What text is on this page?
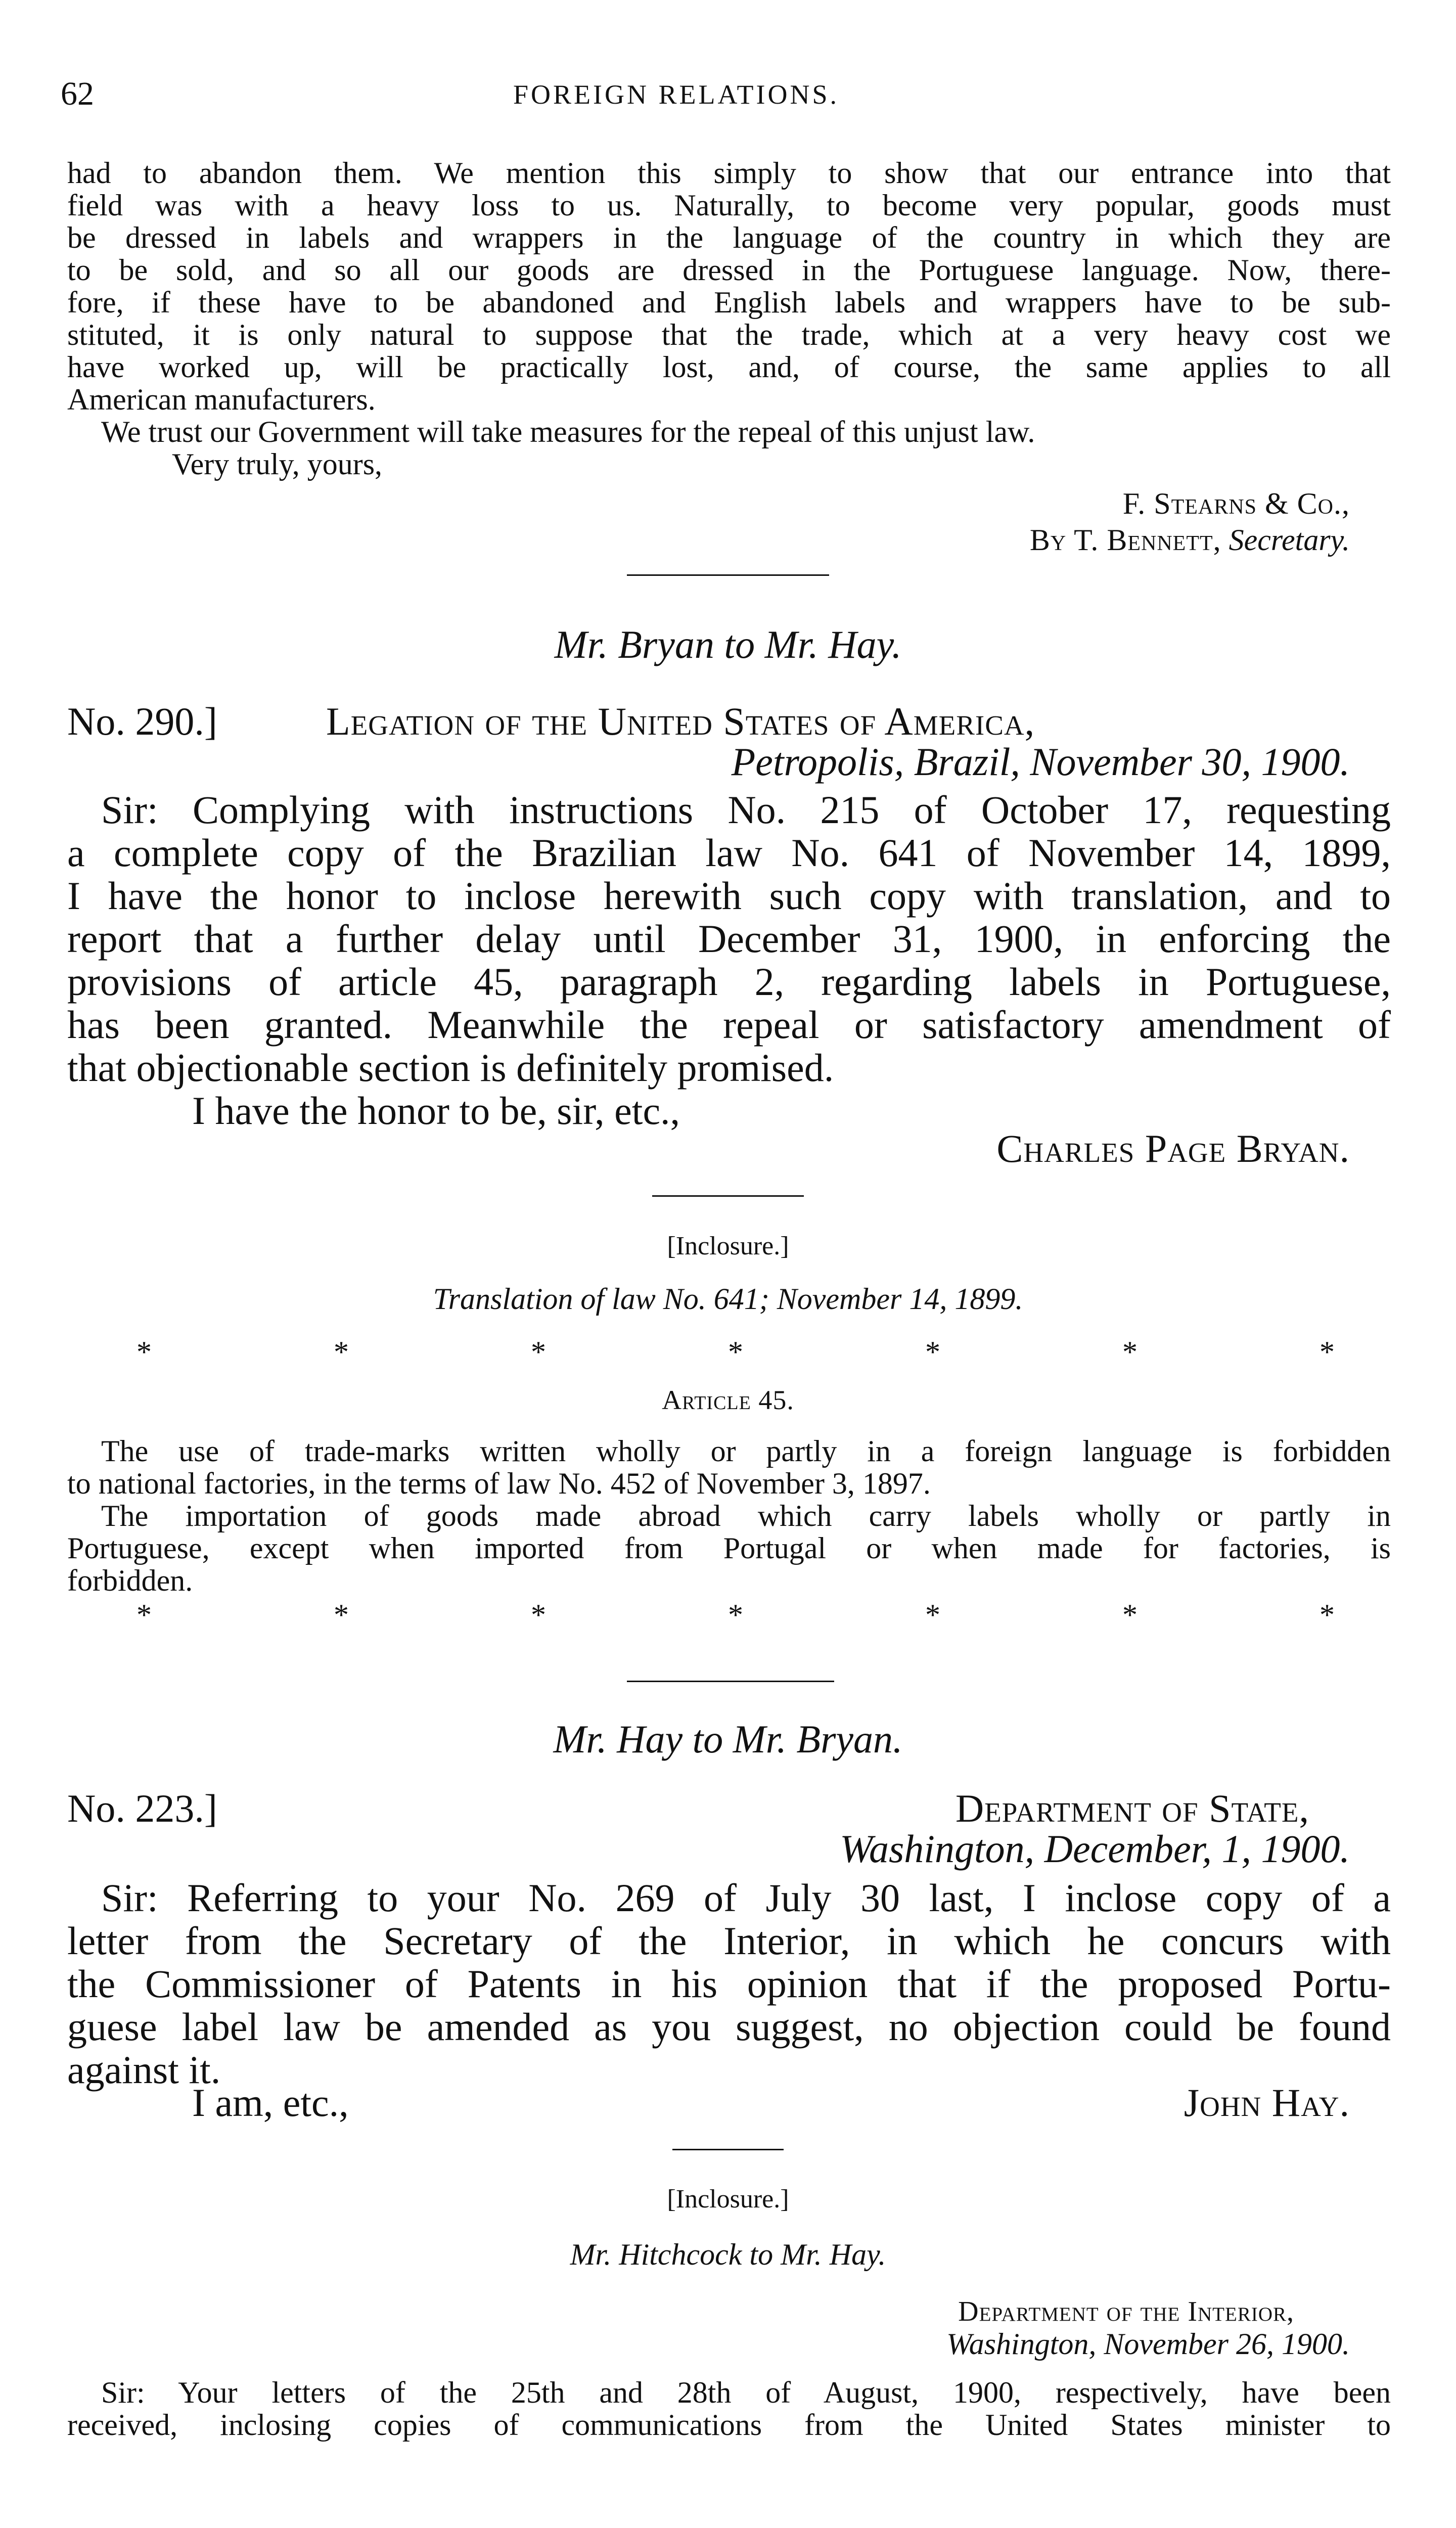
62	FOREIGN RELATIONS.
had to abandon them. We mention this simply to show that our entrance into that
field was with a heavy loss to us. Naturally, to become very popular, goods must
be dressed in labels and wrappers in the language of the country in which they are
to be sold, and so all our goods are dressed in the Portuguese language. Now, there-
fore, if these have to be abandoned and English labels and wrappers have to be sub-
stituted, it is only natural to suppose that the trade, which at a very heavy cost we
have worked up, will be practically lost, and, of course, the same applies to all
American manufacturers.
We trust our Government will take measures for the repeal of this unjust law.
Very truly, yours,
F. Stearns & Co.,
By T. Bennett, Secretary.
Mr. Bryan to Mr. Hay.
No. 290.]	Legation of the United States of America,
Petropolis, Brazil, November 30, 1900.
Sir: Complying with instructions No. 215 of October 17, requesting
a complete copy of the Brazilian law No. 641 of November 14, 1899,
I have the honor to inclose herewith such copy with translation, and to
report that a further delay until December 31, 1900, in enforcing the
provisions of article 45, paragraph 2, regarding labels in Portuguese,
has been granted. Meanwhile the repeal or satisfactory amendment of
that objectionable section is definitely promised.
I have the honor to be, sir, etc.,
Charles Page Bryan.
[Inclosure.]
Translation of law No. 641; November 14, 1899.
*	*	*	*	*	*	*
Article 45.
The use of trade-marks written wholly or partly in a foreign language is forbidden
to national factories, in the terms of law No. 452 of November 3, 1897.
The importation of goods made abroad which carry labels wholly or partly in
Portuguese, except when imported from Portugal or when made for factories, is
forbidden.
*	*	*	*	*	*	*
Mr. Hay to Mr. Bryan.
No. 223.]	Department of State,
Washington, December, 1, 1900.
Sir: Referring to your No. 269 of July 30 last, I inclose copy of a
letter from the Secretary of the Interior, in which he concurs with
the Commissioner of Patents in his opinion that if the proposed Portu-
guese label law be amended as you suggest, no objection could be found
against it.
I am, etc.,	John Hay.
[Inclosure.]
Mr. Hitchcock to Mr. Hay.
Department of the Interior,
Washington, November 26, 1900.
Sir: Your letters of the 25th and 28th of August, 1900, respectively, have been
received, inclosing copies of communications from the United States minister to
